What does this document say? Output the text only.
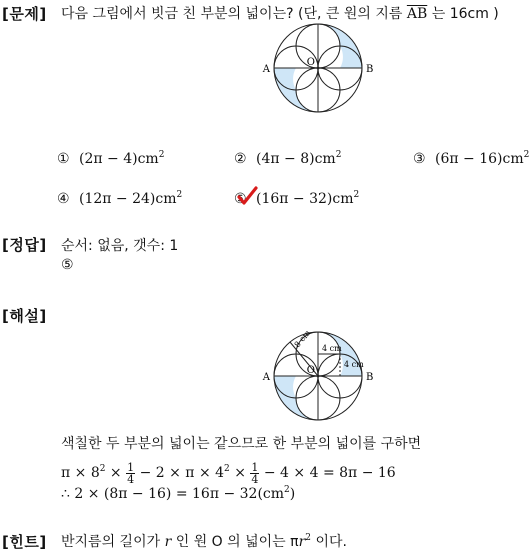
[문제] 다음 그림에서 빗금 친 부분의 넓이는? (단, 큰 원의 지름 $\overline{AB}$ 는 16cm )
A	B
O
① $(2\pi - 4)cm^2$	② $(4\pi - 8)cm^2$	③ $(6\pi - 16)cm^2$
④ $(12\pi - 24)cm^2$	⑤ $(16\pi - 32)cm^2$
[정답] 순서: 없음, 갯수: 1
⑤
[해설]
8 cm 4 cm
4 cm
A	B
O
색칠한 두 부분의 넓이는 같으므로 한 부분의 넓이를 구하면
$\pi \times 8^2 \times \frac{1}{4} - 2 \times \pi \times 4^2 \times \frac{1}{4} - 4 \times 4 = 8\pi - 16$
∴ $2 \times (8\pi - 16) = 16\pi - 32(cm^2)$
[힌트] 반지름의 길이가 r 인 원 O 의 넓이는 $\pi r^2$ 이다.
